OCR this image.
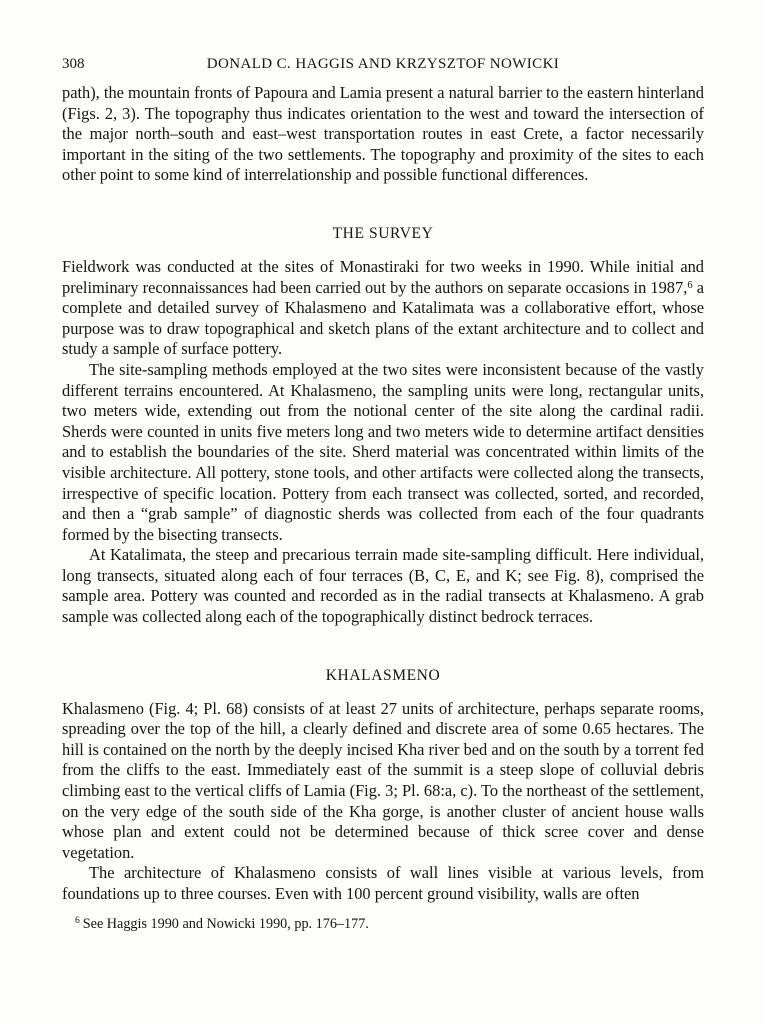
308	DONALD C. HAGGIS AND KRZYSZTOF NOWICKI

path), the mountain fronts of Papoura and Lamia present a natural barrier to the eastern hinterland (Figs. 2, 3). The topography thus indicates orientation to the west and toward the intersection of the major north–south and east–west transportation routes in east Crete, a factor necessarily important in the siting of the two settlements. The topography and proximity of the sites to each other point to some kind of interrelationship and possible functional differences.

THE SURVEY

Fieldwork was conducted at the sites of Monastiraki for two weeks in 1990. While initial and preliminary reconnaissances had been carried out by the authors on separate occasions in 1987,$^6$ a complete and detailed survey of Khalasmeno and Katalimata was a collaborative effort, whose purpose was to draw topographical and sketch plans of the extant architecture and to collect and study a sample of surface pottery.

The site-sampling methods employed at the two sites were inconsistent because of the vastly different terrains encountered. At Khalasmeno, the sampling units were long, rectangular units, two meters wide, extending out from the notional center of the site along the cardinal radii. Sherds were counted in units five meters long and two meters wide to determine artifact densities and to establish the boundaries of the site. Sherd material was concentrated within limits of the visible architecture. All pottery, stone tools, and other artifacts were collected along the transects, irrespective of specific location. Pottery from each transect was collected, sorted, and recorded, and then a “grab sample” of diagnostic sherds was collected from each of the four quadrants formed by the bisecting transects.

At Katalimata, the steep and precarious terrain made site-sampling difficult. Here individual, long transects, situated along each of four terraces (B, C, E, and K; see Fig. 8), comprised the sample area. Pottery was counted and recorded as in the radial transects at Khalasmeno. A grab sample was collected along each of the topographically distinct bedrock terraces.

KHALASMENO

Khalasmeno (Fig. 4; Pl. 68) consists of at least 27 units of architecture, perhaps separate rooms, spreading over the top of the hill, a clearly defined and discrete area of some 0.65 hectares. The hill is contained on the north by the deeply incised Kha river bed and on the south by a torrent fed from the cliffs to the east. Immediately east of the summit is a steep slope of colluvial debris climbing east to the vertical cliffs of Lamia (Fig. 3; Pl. 68:a, c). To the northeast of the settlement, on the very edge of the south side of the Kha gorge, is another cluster of ancient house walls whose plan and extent could not be determined because of thick scree cover and dense vegetation.

The architecture of Khalasmeno consists of wall lines visible at various levels, from foundations up to three courses. Even with 100 percent ground visibility, walls are often

$^6$ See Haggis 1990 and Nowicki 1990, pp. 176–177.
